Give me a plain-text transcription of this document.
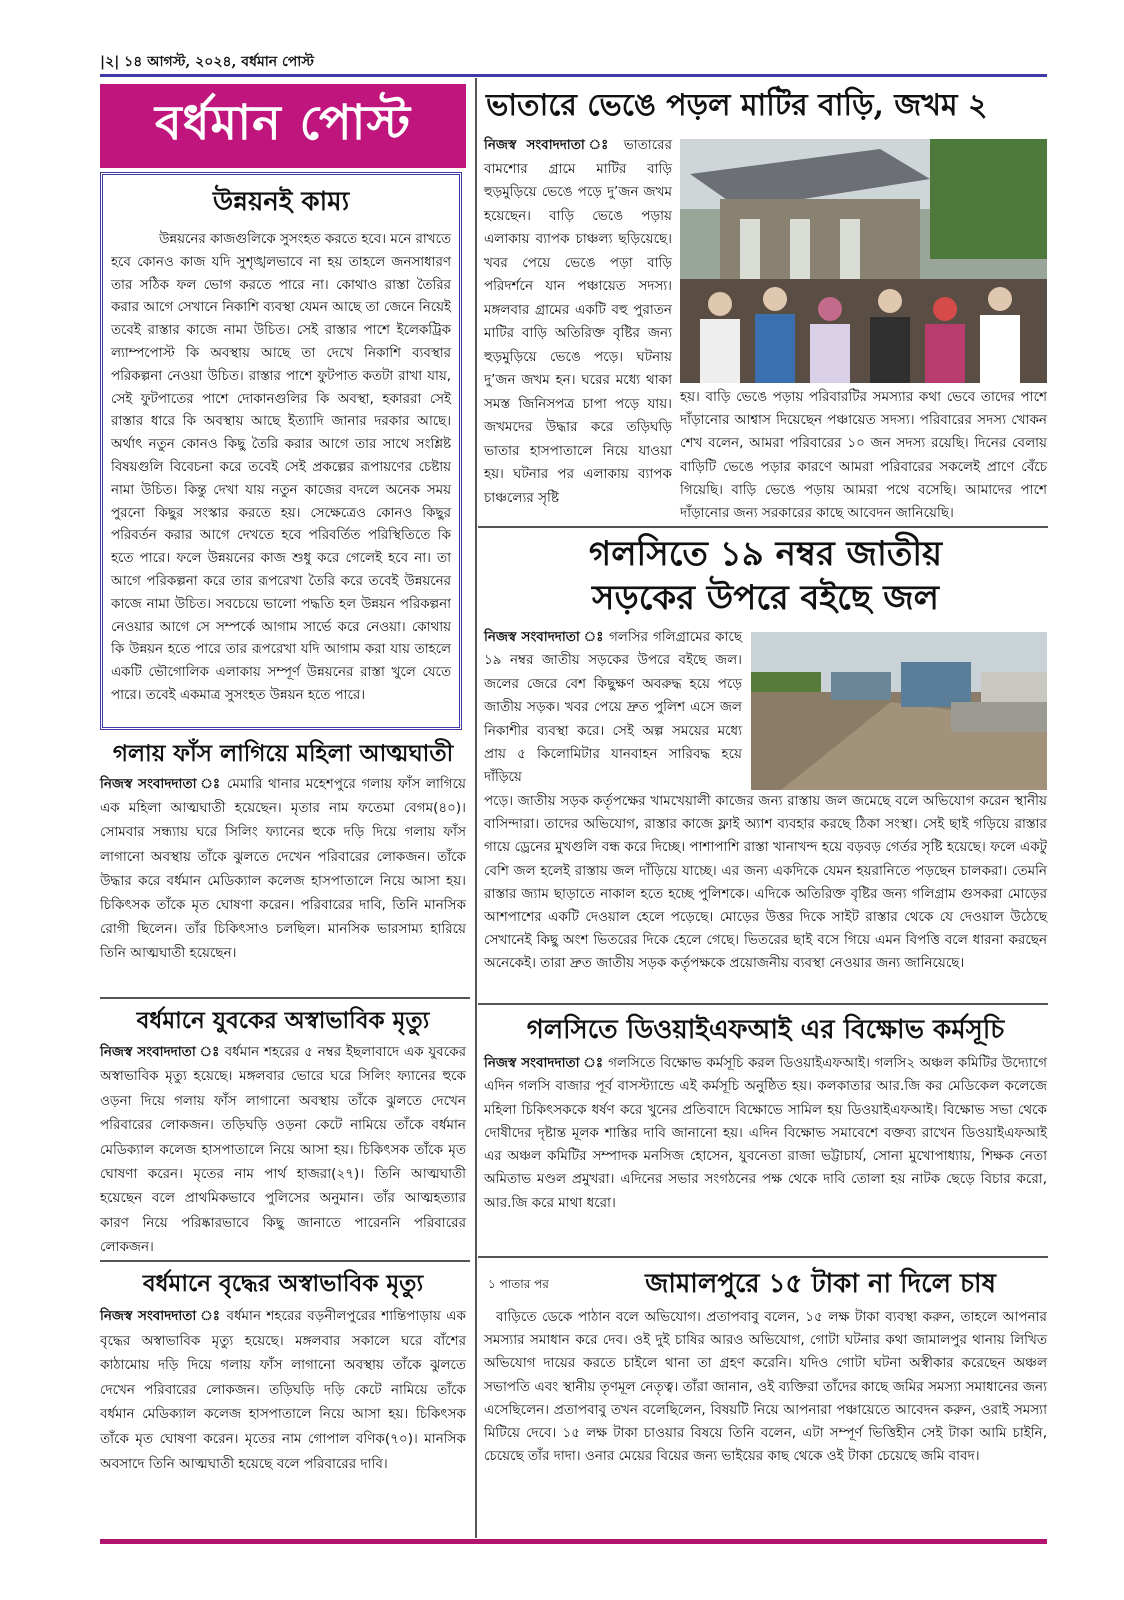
|২| ১৪ আগস্ট, ২০২৪, বর্ধমান পোস্ট
বর্ধমান পোস্ট
উন্নয়নই কাম্য

উন্নয়নের কাজগুলিকে সুসংহত করতে হবে। মনে রাখতে হবে কোনও কাজ যদি সুশৃঙ্খলভাবে না হয় তাহলে জনসাধারণ তার সঠিক ফল ভোগ করতে পারে না। কোথাও রাস্তা তৈরির করার আগে সেখানে নিকাশি ব্যবস্থা যেমন আছে তা জেনে নিয়েই তবেই রাস্তার কাজে নামা উচিত। সেই রাস্তার পাশে ইলেকট্রিক ল্যাম্পপোস্ট কি অবস্থায় আছে তা দেখে নিকাশি ব্যবস্থার পরিকল্পনা নেওয়া উচিত। রাস্তার পাশে ফুটপাত কতটা রাখা যায়, সেই ফুটপাতের পাশে দোকানগুলির কি অবস্থা, হকাররা সেই রাস্তার ধারে কি অবস্থায় আছে ইত্যাদি জানার দরকার আছে। অর্থাৎ নতুন কোনও কিছু তৈরি করার আগে তার সাথে সংশ্লিষ্ট বিষয়গুলি বিবেচনা করে তবেই সেই প্রকল্পের রূপায়ণের চেষ্টায় নামা উচিত। কিন্তু দেখা যায় নতুন কাজের বদলে অনেক সময় পুরনো কিছুর সংস্কার করতে হয়। সেক্ষেত্রেও কোনও কিছুর পরিবর্তন করার আগে দেখতে হবে পরিবর্তিত পরিস্থিতিতে কি হতে পারে। ফলে উন্নয়নের কাজ শুধু করে গেলেই হবে না। তা আগে পরিকল্পনা করে তার রূপরেখা তৈরি করে তবেই উন্নয়নের কাজে নামা উচিত। সবচেয়ে ভালো পদ্ধতি হল উন্নয়ন পরিকল্পনা নেওয়ার আগে সে সম্পর্কে আগাম সার্ভে করে নেওয়া। কোথায় কি উন্নয়ন হতে পারে তার রূপরেখা যদি আগাম করা যায় তাহলে একটি ভৌগোলিক এলাকায় সম্পূর্ণ উন্নয়নের রাস্তা খুলে যেতে পারে। তবেই একমাত্র সুসংহত উন্নয়ন হতে পারে।

গলায় ফাঁস লাগিয়ে মহিলা আত্মঘাতী

নিজস্ব সংবাদদাতা ঃ মেমারি থানার মহেশপুরে গলায় ফাঁস লাগিয়ে এক মহিলা আত্মঘাতী হয়েছেন। মৃতার নাম ফতেমা বেগম(৪০)। সোমবার সন্ধ্যায় ঘরে সিলিং ফ্যানের হুকে দড়ি দিয়ে গলায় ফাঁস লাগানো অবস্থায় তাঁকে ঝুলতে দেখেন পরিবারের লোকজন। তাঁকে উদ্ধার করে বর্ধমান মেডিক্যাল কলেজ হাসপাতালে নিয়ে আসা হয়। চিকিৎসক তাঁকে মৃত ঘোষণা করেন। পরিবারের দাবি, তিনি মানসিক রোগী ছিলেন। তাঁর চিকিৎসাও চলছিল। মানসিক ভারসাম্য হারিয়ে তিনি আত্মঘাতী হয়েছেন।

বর্ধমানে যুবকের অস্বাভাবিক মৃত্যু

নিজস্ব সংবাদদাতা ঃ বর্ধমান শহরের ৫ নম্বর ইছলাবাদে এক যুবকের অস্বাভাবিক মৃত্যু হয়েছে। মঙ্গলবার ভোরে ঘরে সিলিং ফ্যানের হুকে ওড়না দিয়ে গলায় ফাঁস লাগানো অবস্থায় তাঁকে ঝুলতে দেখেন পরিবারের লোকজন। তড়িঘড়ি ওড়না কেটে নামিয়ে তাঁকে বর্ধমান মেডিক্যাল কলেজ হাসপাতালে নিয়ে আসা হয়। চিকিৎসক তাঁকে মৃত ঘোষণা করেন। মৃতের নাম পার্থ হাজরা(২৭)। তিনি আত্মঘাতী হয়েছেন বলে প্রাথমিকভাবে পুলিসের অনুমান। তাঁর আত্মহত্যার কারণ নিয়ে পরিষ্কারভাবে কিছু জানাতে পারেননি পরিবারের লোকজন।

বর্ধমানে বৃদ্ধের অস্বাভাবিক মৃত্যু

নিজস্ব সংবাদদাতা ঃ বর্ধমান শহরের বড়নীলপুরের শান্তিপাড়ায় এক বৃদ্ধের অস্বাভাবিক মৃত্যু হয়েছে। মঙ্গলবার সকালে ঘরে বাঁশের কাঠামোয় দড়ি দিয়ে গলায় ফাঁস লাগানো অবস্থায় তাঁকে ঝুলতে দেখেন পরিবারের লোকজন। তড়িঘড়ি দড়ি কেটে নামিয়ে তাঁকে বর্ধমান মেডিক্যাল কলেজ হাসপাতালে নিয়ে আসা হয়। চিকিৎসক তাঁকে মৃত ঘোষণা করেন। মৃতের নাম গোপাল বণিক(৭০)। মানসিক অবসাদে তিনি আত্মঘাতী হয়েছে বলে পরিবারের দাবি।

ভাতারে ভেঙে পড়ল মাটির বাড়ি, জখম ২

নিজস্ব সংবাদদাতা ঃ ভাতারের বামশোর গ্রামে মাটির বাড়ি হুড়মুড়িয়ে ভেঙে পড়ে দু’জন জখম হয়েছেন। বাড়ি ভেঙে পড়ায় এলাকায় ব্যাপক চাঞ্চল্য ছড়িয়েছে। খবর পেয়ে ভেঙে পড়া বাড়ি পরিদর্শনে যান পঞ্চায়েত সদস্য। মঙ্গলবার গ্রামের একটি বহু পুরাতন মাটির বাড়ি অতিরিক্ত বৃষ্টির জন্য হুড়মুড়িয়ে ভেঙে পড়ে। ঘটনায় দু’জন জখম হন। ঘরের মধ্যে থাকা সমস্ত জিনিসপত্র চাপা পড়ে যায়। জখমদের উদ্ধার করে তড়িঘড়ি ভাতার হাসপাতালে নিয়ে যাওয়া হয়। ঘটনার পর এলাকায় ব্যাপক চাঞ্চল্যের সৃষ্টি

হয়। বাড়ি ভেঙে পড়ায় পরিবারটির সমস্যার কথা ভেবে তাদের পাশে দাঁড়ানোর আশ্বাস দিয়েছেন পঞ্চায়েত সদস্য। পরিবারের সদস্য খোকন শেখ বলেন, আমরা পরিবারের ১০ জন সদস্য রয়েছি। দিনের বেলায় বাড়িটি ভেঙে পড়ার কারণে আমরা পরিবারের সকলেই প্রাণে বেঁচে গিয়েছি। বাড়ি ভেঙে পড়ায় আমরা পথে বসেছি। আমাদের পাশে দাঁড়ানোর জন্য সরকারের কাছে আবেদন জানিয়েছি।

গলসিতে ১৯ নম্বর জাতীয়
সড়কের উপরে বইছে জল

নিজস্ব সংবাদদাতা ঃ গলসির গলিগ্রামের কাছে ১৯ নম্বর জাতীয় সড়কের উপরে বইছে জল। জলের জেরে বেশ কিছুক্ষণ অবরুদ্ধ হয়ে পড়ে জাতীয় সড়ক। খবর পেয়ে দ্রুত পুলিশ এসে জল নিকাশীর ব্যবস্থা করে। সেই অল্প সময়ের মধ্যে প্রায় ৫ কিলোমিটার যানবাহন সারিবদ্ধ হয়ে দাঁড়িয়ে

পড়ে। জাতীয় সড়ক কর্তৃপক্ষের খামখেয়ালী কাজের জন্য রাস্তায় জল জমেছে বলে অভিযোগ করেন স্থানীয় বাসিন্দারা। তাদের অভিযোগ, রাস্তার কাজে ফ্লাই অ্যাশ ব্যবহার করছে ঠিকা সংস্থা। সেই ছাই গড়িয়ে রাস্তার গায়ে ড্রেনের মুখগুলি বন্ধ করে দিচ্ছে। পাশাপাশি রাস্তা খানাখন্দ হয়ে বড়বড় গের্তর সৃষ্টি হয়েছে। ফলে একটু বেশি জল হলেই রাস্তায় জল দাঁড়িয়ে যাচ্ছে। এর জন্য একদিকে যেমন হয়রানিতে পড়ছেন চালকরা। তেমনি রাস্তার জ্যাম ছাড়াতে নাকাল হতে হচ্ছে পুলিশকে। এদিকে অতিরিক্ত বৃষ্টির জন্য গলিগ্রাম গুসকরা মোড়ের আশপাশের একটি দেওয়াল হেলে পড়েছে। মোড়ের উত্তর দিকে সাইট রাস্তার থেকে যে দেওয়াল উঠেছে সেখানেই কিছু অংশ ভিতরের দিকে হেলে গেছে। ভিতরের ছাই বসে গিয়ে এমন বিপত্তি বলে ধারনা করছেন অনেকেই। তারা দ্রুত জাতীয় সড়ক কর্তৃপক্ষকে প্রয়োজনীয় ব্যবস্থা নেওয়ার জন্য জানিয়েছে।

গলসিতে ডিওয়াইএফআই এর বিক্ষোভ কর্মসূচি

নিজস্ব সংবাদদাতা ঃ গলসিতে বিক্ষোভ কর্মসূচি করল ডিওয়াইএফআই। গলসি২ অঞ্চল কমিটির উদ্যোগে এদিন গলসি বাজার পূর্ব বাসস্ট্যান্ডে এই কর্মসূচি অনুষ্ঠিত হয়। কলকাতার আর.জি কর মেডিকেল কলেজে মহিলা চিকিৎসককে ধর্ষণ করে খুনের প্রতিবাদে বিক্ষোভে সামিল হয় ডিওয়াইএফআই। বিক্ষোভ সভা থেকে দোষীদের দৃষ্টান্ত মূলক শাস্তির দাবি জানানো হয়। এদিন বিক্ষোভ সমাবেশে বক্তব্য রাখেন ডিওয়াইএফআই এর অঞ্চল কমিটির সম্পাদক মনসিজ হোসেন, যুবনেতা রাজা ভট্টাচার্য, সোনা মুখোপাধ্যায়, শিক্ষক নেতা অমিতাভ মণ্ডল প্রমুখরা। এদিনের সভার সংগঠনের পক্ষ থেকে দাবি তোলা হয় নাটক ছেড়ে বিচার করো, আর.জি করে মাথা ধরো।

১ পাতার পর	জামালপুরে ১৫ টাকা না দিলে চাষ

বাড়িতে ডেকে পাঠান বলে অভিযোগ। প্রতাপবাবু বলেন, ১৫ লক্ষ টাকা ব্যবস্থা করুন, তাহলে আপনার সমস্যার সমাধান করে দেব। ওই দুই চাষির আরও অভিযোগ, গোটা ঘটনার কথা জামালপুর থানায় লিখিত অভিযোগ দায়ের করতে চাইলে থানা তা গ্রহণ করেনি। যদিও গোটা ঘটনা অস্বীকার করেছেন অঞ্চল সভাপতি এবং স্থানীয় তৃণমূল নেতৃত্ব। তাঁরা জানান, ওই ব্যক্তিরা তাঁদের কাছে জমির সমস্যা সমাধানের জন্য এসেছিলেন। প্রতাপবাবু তখন বলেছিলেন, বিষয়টি নিয়ে আপনারা পঞ্চায়েতে আবেদন করুন, ওরাই সমস্যা মিটিয়ে দেবে। ১৫ লক্ষ টাকা চাওয়ার বিষয়ে তিনি বলেন, এটা সম্পূর্ণ ভিত্তিহীন সেই টাকা আমি চাইনি, চেয়েছে তাঁর দাদা। ওনার মেয়ের বিয়ের জন্য ভাইয়ের কাছ থেকে ওই টাকা চেয়েছে জমি বাবদ।
